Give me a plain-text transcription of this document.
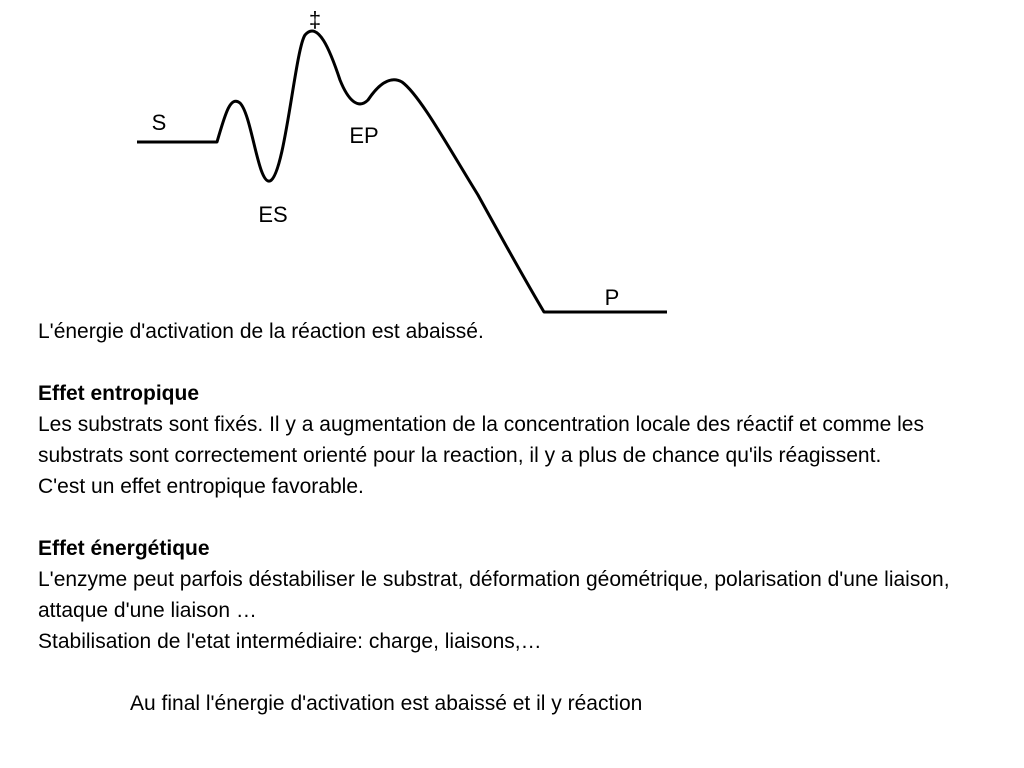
‡
S
EP
ES
P

L'énergie d'activation de la réaction est abaissé.

Effet entropique

Les substrats sont fixés. Il y a augmentation de la concentration locale des réactif et comme les substrats sont correctement orienté pour la reaction, il y a plus de chance qu'ils réagissent.

C'est un effet entropique favorable.

Effet énergétique

L'enzyme peut parfois déstabiliser le substrat, déformation géométrique, polarisation d'une liaison, attaque d'une liaison …

Stabilisation de l'etat intermédiaire: charge, liaisons,…

Au final l'énergie d'activation est abaissé et il y réaction
